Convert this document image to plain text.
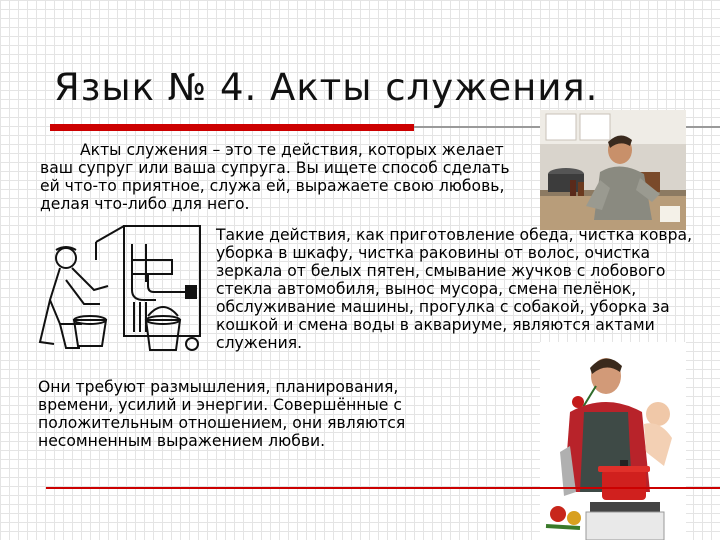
Язык № 4. Акты служения.

Акты служения – это те действия, которых желает ваш супруг или ваша супруга. Вы ищете способ сделать ей что-то приятное, служа ей, выражаете свою любовь, делая что-либо для него.

Такие действия, как приготовление обеда, чистка ковра, уборка в шкафу, чистка раковины от волос, очистка зеркала от белых пятен, смывание жучков с лобового стекла автомобиля, вынос мусора, смена пелёнок, обслуживание машины, прогулка с собакой, уборка за кошкой и смена воды в аквариуме, являются актами служения.

Они требуют размышления, планирования, времени, усилий и энергии. Совершённые с положительным отношением, они являются несомненным выражением любви.
